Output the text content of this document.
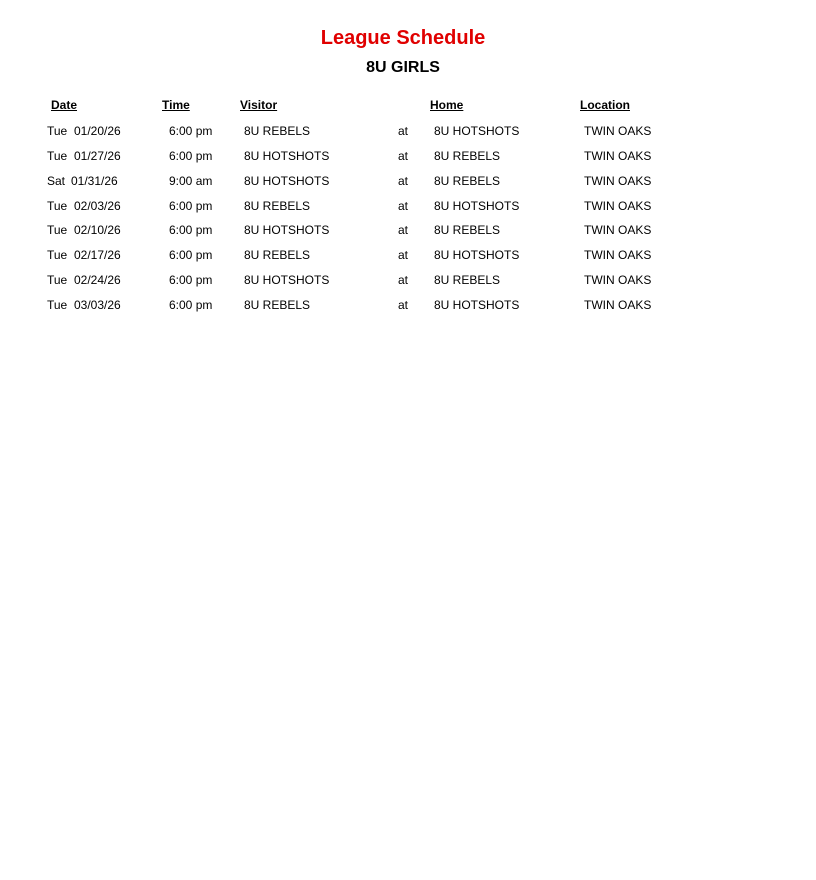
League Schedule
8U GIRLS
Date	Time	Visitor	Home	Location
Tue 01/20/26	6:00 pm	8U REBELS	at 8U HOTSHOTS	TWIN OAKS
Tue 01/27/26	6:00 pm	8U HOTSHOTS	at 8U REBELS	TWIN OAKS
Sat 01/31/26	9:00 am	8U HOTSHOTS	at 8U REBELS	TWIN OAKS
Tue 02/03/26	6:00 pm	8U REBELS	at 8U HOTSHOTS	TWIN OAKS
Tue 02/10/26	6:00 pm	8U HOTSHOTS	at 8U REBELS	TWIN OAKS
Tue 02/17/26	6:00 pm	8U REBELS	at 8U HOTSHOTS	TWIN OAKS
Tue 02/24/26	6:00 pm	8U HOTSHOTS	at 8U REBELS	TWIN OAKS
Tue 03/03/26	6:00 pm	8U REBELS	at 8U HOTSHOTS	TWIN OAKS
